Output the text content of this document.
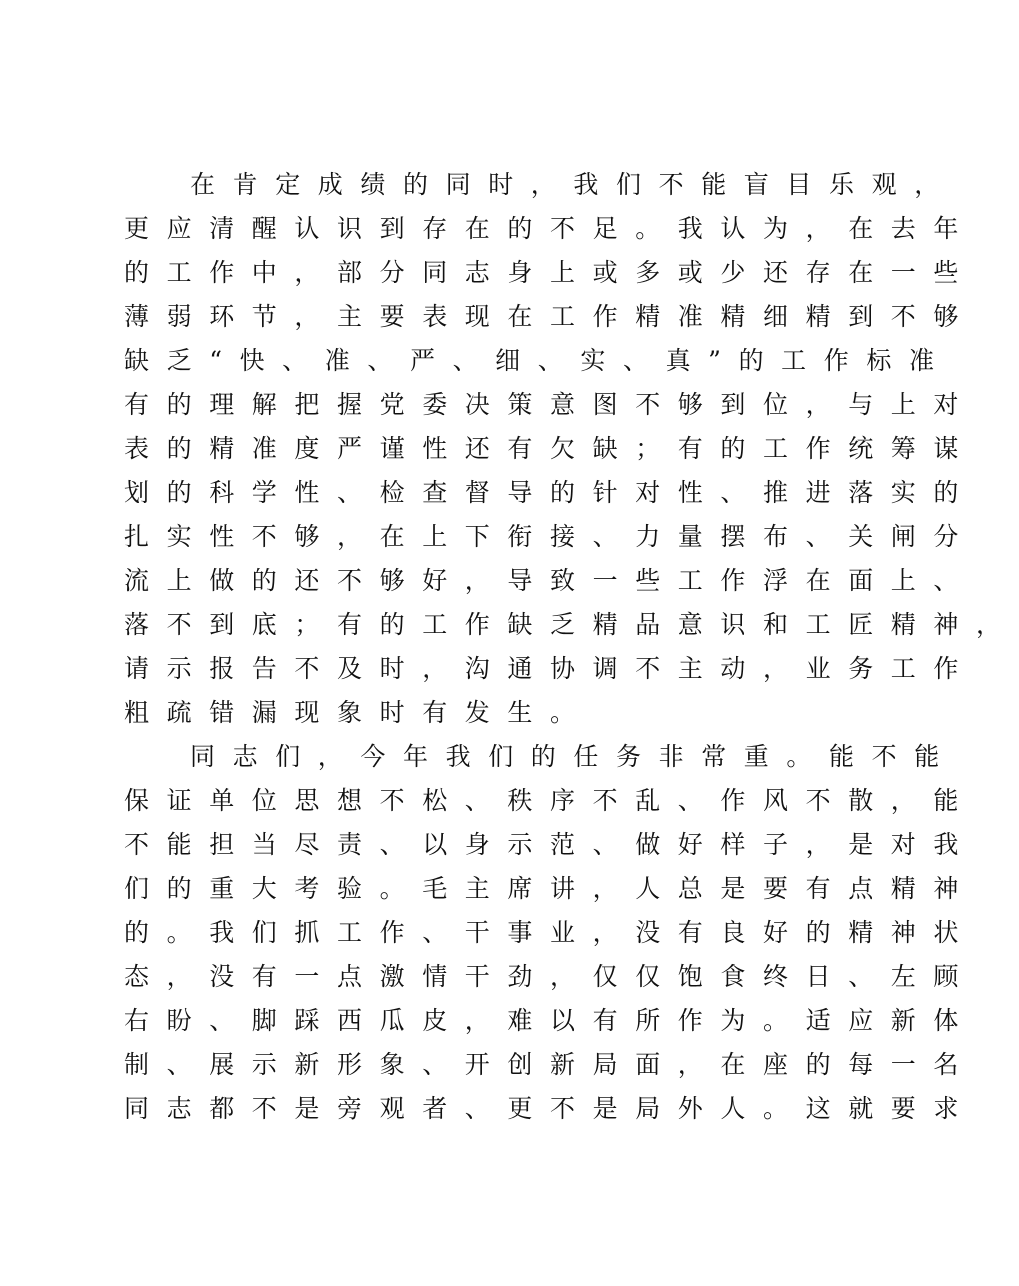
在肯定成绩的同时，我们不能盲目乐观，
更应清醒认识到存在的不足。我认为，在去年
的工作中，部分同志身上或多或少还存在一些
薄弱环节，主要表现在工作精准精细精到不够
缺乏“快、准、严、细、实、真”的工作标准
有的理解把握党委决策意图不够到位，与上对
表的精准度严谨性还有欠缺；有的工作统筹谋
划的科学性、检查督导的针对性、推进落实的
扎实性不够，在上下衔接、力量摆布、关闸分
流上做的还不够好，导致一些工作浮在面上、
落不到底；有的工作缺乏精品意识和工匠精神，
请示报告不及时，沟通协调不主动，业务工作
粗疏错漏现象时有发生。
同志们，今年我们的任务非常重。能不能
保证单位思想不松、秩序不乱、作风不散，能
不能担当尽责、以身示范、做好样子，是对我
们的重大考验。毛主席讲，人总是要有点精神
的。我们抓工作、干事业，没有良好的精神状
态，没有一点激情干劲，仅仅饱食终日、左顾
右盼、脚踩西瓜皮，难以有所作为。适应新体
制、展示新形象、开创新局面，在座的每一名
同志都不是旁观者、更不是局外人。这就要求
